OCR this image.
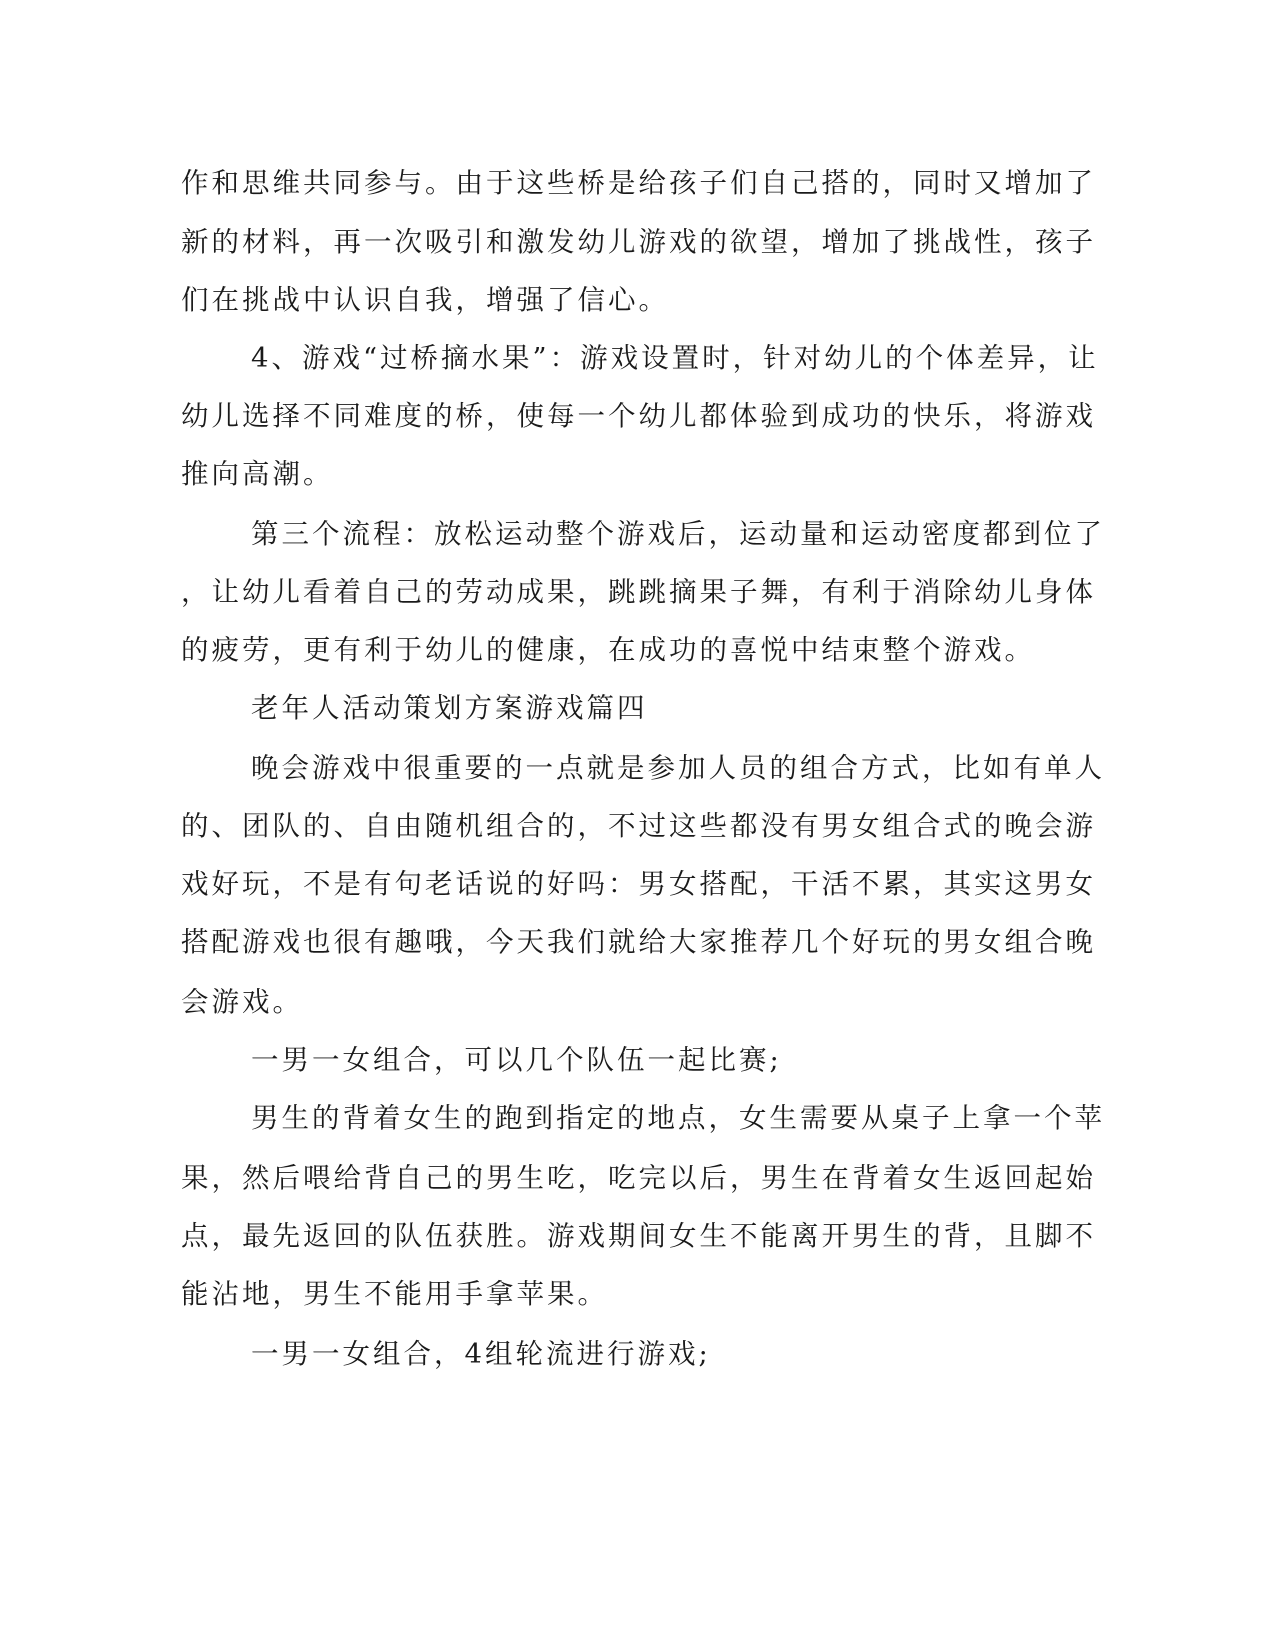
作和思维共同参与。由于这些桥是给孩子们自己搭的，同时又增加了
新的材料，再一次吸引和激发幼儿游戏的欲望，增加了挑战性，孩子
们在挑战中认识自我，增强了信心。
4、游戏“过桥摘水果”：游戏设置时，针对幼儿的个体差异，让
幼儿选择不同难度的桥，使每一个幼儿都体验到成功的快乐，将游戏
推向高潮。
第三个流程：放松运动整个游戏后，运动量和运动密度都到位了
，让幼儿看着自己的劳动成果，跳跳摘果子舞，有利于消除幼儿身体
的疲劳，更有利于幼儿的健康，在成功的喜悦中结束整个游戏。
老年人活动策划方案游戏篇四
晚会游戏中很重要的一点就是参加人员的组合方式，比如有单人
的、团队的、自由随机组合的，不过这些都没有男女组合式的晚会游
戏好玩，不是有句老话说的好吗：男女搭配，干活不累，其实这男女
搭配游戏也很有趣哦，今天我们就给大家推荐几个好玩的男女组合晚
会游戏。
一男一女组合，可以几个队伍一起比赛;
男生的背着女生的跑到指定的地点，女生需要从桌子上拿一个苹
果，然后喂给背自己的男生吃，吃完以后，男生在背着女生返回起始
点，最先返回的队伍获胜。游戏期间女生不能离开男生的背，且脚不
能沾地，男生不能用手拿苹果。
一男一女组合，4组轮流进行游戏;
